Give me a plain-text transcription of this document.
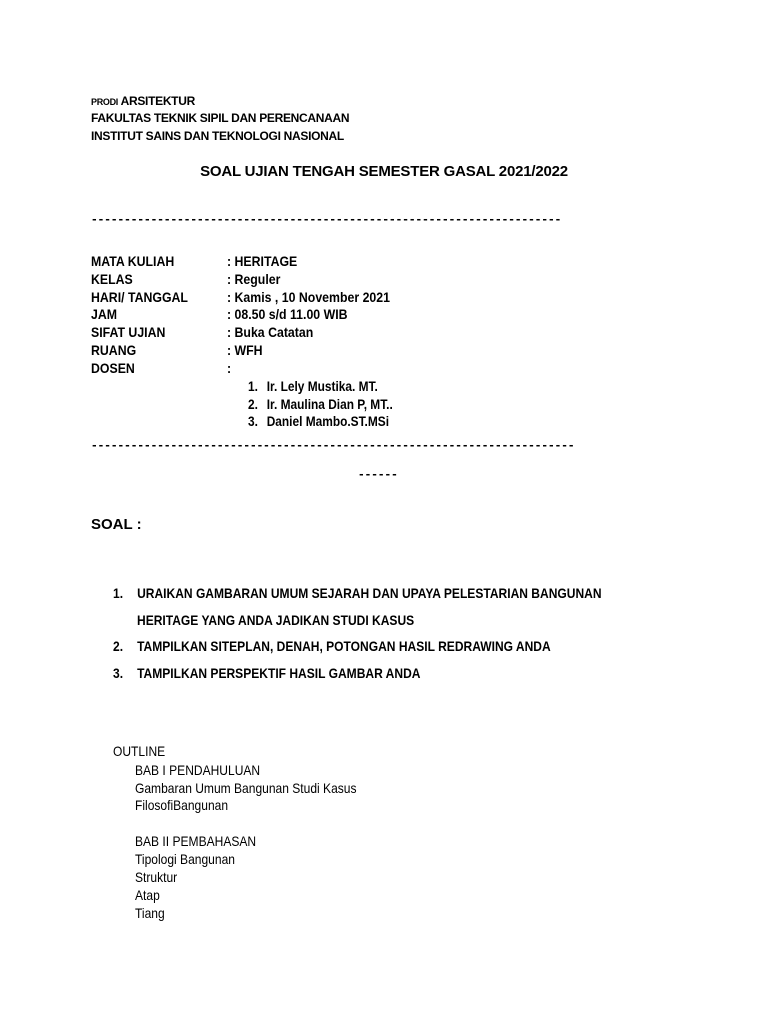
PRODI ARSITEKTUR
FAKULTAS TEKNIK SIPIL DAN PERENCANAAN
INSTITUT SAINS DAN TEKNOLOGI NASIONAL
SOAL UJIAN TENGAH SEMESTER GASAL 2021/2022
-----------------------------------------------------------------------
MATA KULIAH	: HERITAGE
KELAS	: Reguler
HARI/ TANGGAL	: Kamis , 10 November 2021
JAM	: 08.50 s/d 11.00 WIB
SIFAT UJIAN	: Buka Catatan
RUANG	: WFH
DOSEN	:
1. Ir. Lely Mustika. MT.
2. Ir. Maulina Dian P, MT..
3. Daniel Mambo.ST.MSi
-------------------------------------------------------------------------
------
SOAL :
1. URAIKAN GAMBARAN UMUM SEJARAH DAN UPAYA PELESTARIAN BANGUNAN
HERITAGE YANG ANDA JADIKAN STUDI KASUS
2. TAMPILKAN SITEPLAN, DENAH, POTONGAN HASIL REDRAWING ANDA
3. TAMPILKAN PERSPEKTIF HASIL GAMBAR ANDA
OUTLINE
BAB I PENDAHULUAN
Gambaran Umum Bangunan Studi Kasus
FilosofiBangunan
BAB II PEMBAHASAN
Tipologi Bangunan
Struktur
Atap
Tiang
